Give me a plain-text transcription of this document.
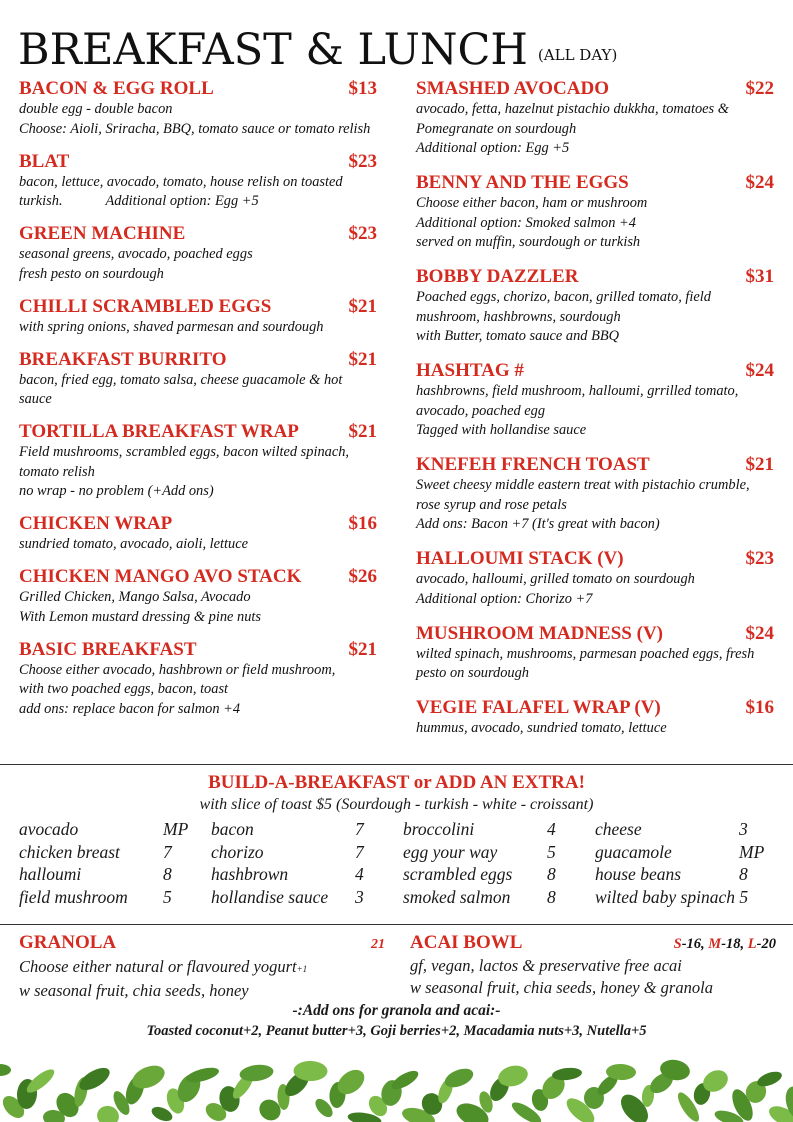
BREAKFAST & LUNCH (ALL DAY)
BACON & EGG ROLL	$13
double egg - double bacon
Choose: Aioli, Sriracha, BBQ, tomato sauce or tomato relish
BLAT	$23
bacon, lettuce, avocado, tomato, house relish on toasted
turkish.            Additional option: Egg +5
GREEN MACHINE	$23
seasonal greens, avocado, poached eggs
fresh pesto on sourdough
CHILLI SCRAMBLED EGGS	$21
with spring onions, shaved parmesan and sourdough
BREAKFAST BURRITO	$21
bacon, fried egg, tomato salsa, cheese guacamole & hot
sauce
TORTILLA BREAKFAST WRAP	$21
Field mushrooms, scrambled eggs, bacon wilted spinach,
tomato relish
no wrap - no problem (+Add ons)
CHICKEN WRAP	$16
sundried tomato, avocado, aioli, lettuce
CHICKEN MANGO AVO STACK $26
Grilled Chicken, Mango Salsa, Avocado
With Lemon mustard dressing & pine nuts
BASIC BREAKFAST	$21
Choose either avocado, hashbrown or field mushroom,
with two poached eggs, bacon, toast
add ons: replace bacon for salmon +4
SMASHED AVOCADO	$22
avocado, fetta, hazelnut pistachio dukkha, tomatoes &
Pomegranate on sourdough
Additional option: Egg +5
BENNY AND THE EGGS	$24
Choose either bacon, ham or mushroom
Additional option: Smoked salmon +4
served on muffin, sourdough or turkish
BOBBY DAZZLER	$31
Poached eggs, chorizo, bacon, grilled tomato, field
mushroom, hashbrowns, sourdough
with Butter, tomato sauce and BBQ
HASHTAG #	$24
hashbrowns, field mushroom, halloumi, grrilled tomato,
avocado, poached egg
Tagged with hollandise sauce
KNEFEH FRENCH TOAST	$21
Sweet cheesy middle eastern treat with pistachio crumble,
rose syrup and rose petals
Add ons: Bacon +7 (It's great with bacon)
HALLOUMI STACK (V)	$23
avocado, halloumi, grilled tomato on sourdough
Additional option: Chorizo +7
MUSHROOM MADNESS (V)	$24
wilted spinach, mushrooms, parmesan poached eggs, fresh
pesto on sourdough
VEGIE FALAFEL WRAP (V)	$16
hummus, avocado, sundried tomato, lettuce
BUILD-A-BREAKFAST or ADD AN EXTRA!
with slice of toast $5 (Sourdough - turkish - white - croissant)
avocado	MP	bacon	7	broccolini	4	cheese	3
chicken breast	7	chorizo	7	egg your way	5	guacamole	MP
halloumi	8	hashbrown	4	scrambled eggs	8	house beans	8
field mushroom	5	hollandise sauce	3	smoked salmon	8	wilted baby spinach 5
GRANOLA	21
Choose either natural or flavoured yogurt+1
w seasonal fruit, chia seeds, honey
ACAI BOWL	S-16, M-18, L-20
gf, vegan, lactos & preservative free acai
w seasonal fruit, chia seeds, honey & granola
-:Add ons for granola and acai:-
Toasted coconut+2, Peanut butter+3, Goji berries+2, Macadamia nuts+3, Nutella+5
